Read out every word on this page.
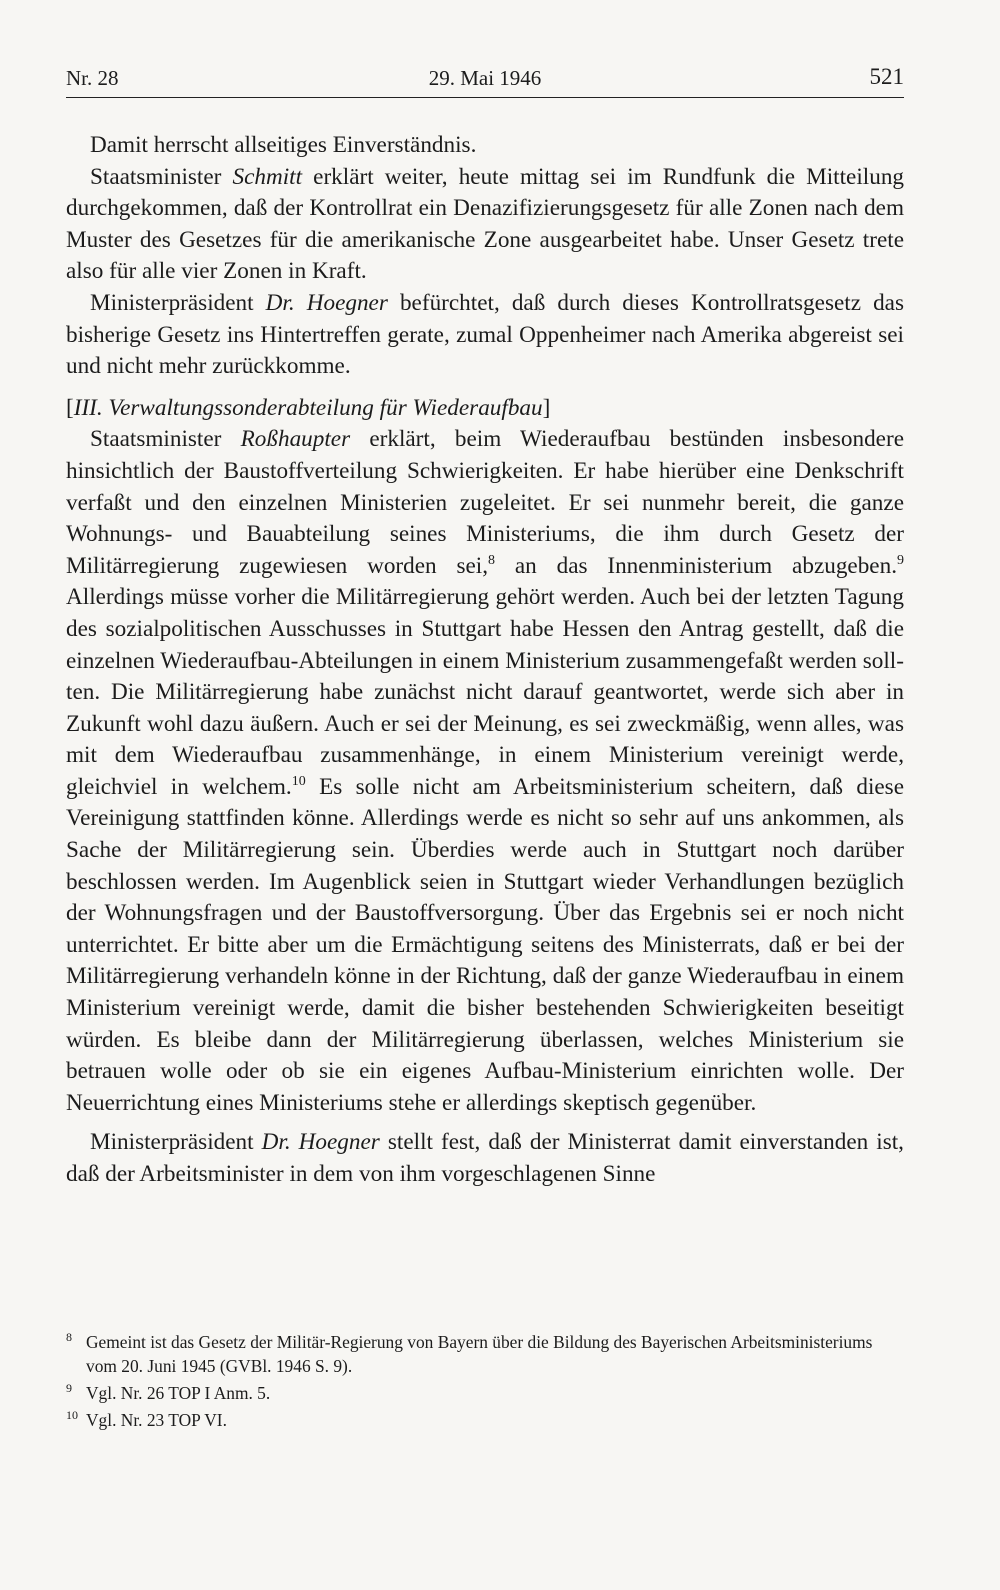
Nr. 28	29. Mai 1946	521

Damit herrscht allseitiges Einverständnis.

Staatsminister Schmitt erklärt weiter, heute mittag sei im Rundfunk die Mitteilung durchgekommen, daß der Kontrollrat ein Denazifizierungsgesetz für alle Zonen nach dem Muster des Gesetzes für die amerikanische Zone ausgearbeitet habe. Unser Gesetz trete also für alle vier Zonen in Kraft.

Ministerpräsident Dr. Hoegner befürchtet, daß durch dieses Kontrollratsgesetz das bisherige Gesetz ins Hintertreffen gerate, zumal Oppenheimer nach Amerika abgereist sei und nicht mehr zurückkomme.

[III. Verwaltungssonderabteilung für Wiederaufbau]

Staatsminister Roßhaupter erklärt, beim Wiederaufbau bestünden insbesondere hinsichtlich der Baustoffverteilung Schwierigkeiten. Er habe hierüber eine Denkschrift verfaßt und den einzelnen Ministerien zugeleitet. Er sei nunmehr bereit, die ganze Wohnungs- und Bauabteilung seines Ministeriums, die ihm durch Gesetz der Militärregierung zugewiesen worden sei,$^8$ an das Innenministerium abzugeben.$^9$ Allerdings müsse vorher die Militärregierung gehört werden. Auch bei der letzten Tagung des sozialpolitischen Ausschusses in Stuttgart habe Hessen den Antrag gestellt, daß die einzelnen Wiederaufbau-Abteilungen in einem Ministerium zusammengefaßt werden sollten. Die Militärregierung habe zunächst nicht darauf geantwortet, werde sich aber in Zukunft wohl dazu äußern. Auch er sei der Meinung, es sei zweckmäßig, wenn alles, was mit dem Wiederaufbau zusammenhänge, in einem Ministerium vereinigt werde, gleichviel in welchem.$^{10}$ Es solle nicht am Arbeitsministerium scheitern, daß diese Vereinigung stattfinden könne. Allerdings werde es nicht so sehr auf uns ankommen, als Sache der Militärregierung sein. Überdies werde auch in Stuttgart noch darüber beschlossen werden. Im Augenblick seien in Stuttgart wieder Verhandlungen bezüglich der Wohnungsfragen und der Baustoffversorgung. Über das Ergebnis sei er noch nicht unterrichtet. Er bitte aber um die Ermächtigung seitens des Ministerrats, daß er bei der Militärregierung verhandeln könne in der Richtung, daß der ganze Wiederaufbau in einem Ministerium vereinigt werde, damit die bisher bestehenden Schwierigkeiten beseitigt würden. Es bleibe dann der Militärregierung überlassen, welches Ministerium sie betrauen wolle oder ob sie ein eigenes Aufbau-Ministerium einrichten wolle. Der Neuerrichtung eines Ministeriums stehe er allerdings skeptisch gegenüber.

Ministerpräsident Dr. Hoegner stellt fest, daß der Ministerrat damit einverstanden ist, daß der Arbeitsminister in dem von ihm vorgeschlagenen Sinne

8 Gemeint ist das Gesetz der Militär-Regierung von Bayern über die Bildung des Bayerischen Arbeitsministeriums vom 20. Juni 1945 (GVBl. 1946 S. 9).
9 Vgl. Nr. 26 TOP I Anm. 5.
10 Vgl. Nr. 23 TOP VI.
